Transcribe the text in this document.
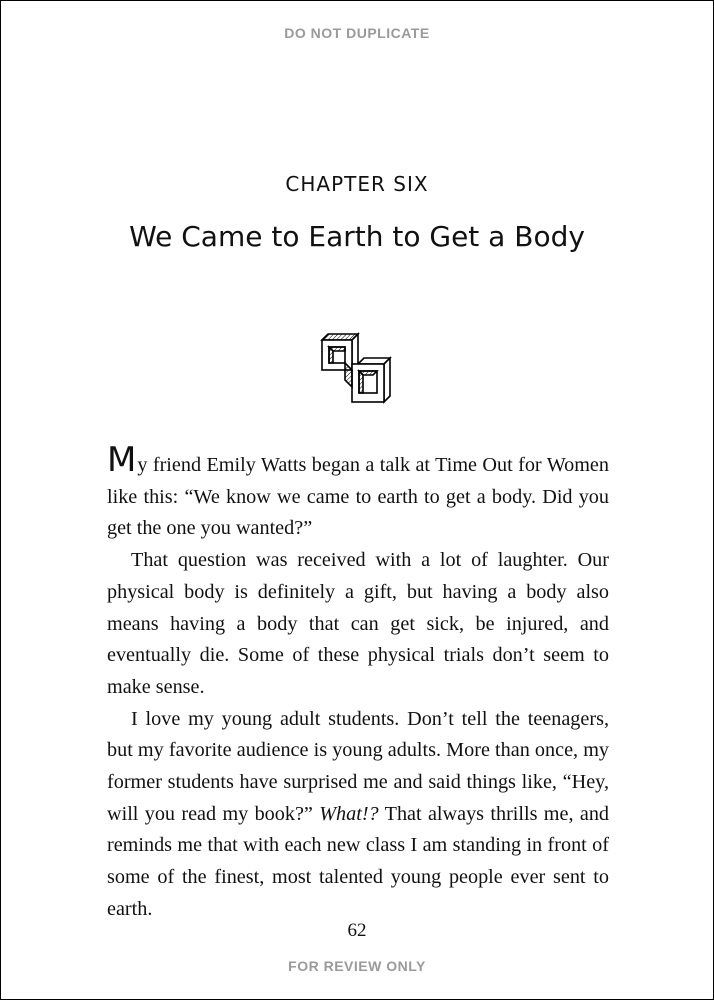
DO NOT DUPLICATE
CHAPTER SIX
We Came to Earth to Get a Body

My friend Emily Watts began a talk at Time Out for Women like this: “We know we came to earth to get a body. Did you get the one you wanted?”

That question was received with a lot of laughter. Our physical body is definitely a gift, but having a body also means having a body that can get sick, be injured, and eventually die. Some of these physical trials don’t seem to make sense.

I love my young adult students. Don’t tell the teenagers, but my favorite audience is young adults. More than once, my former students have surprised me and said things like, “Hey, will you read my book?” What!? That always thrills me, and reminds me that with each new class I am standing in front of some of the finest, most talented young people ever sent to earth.

62
FOR REVIEW ONLY
